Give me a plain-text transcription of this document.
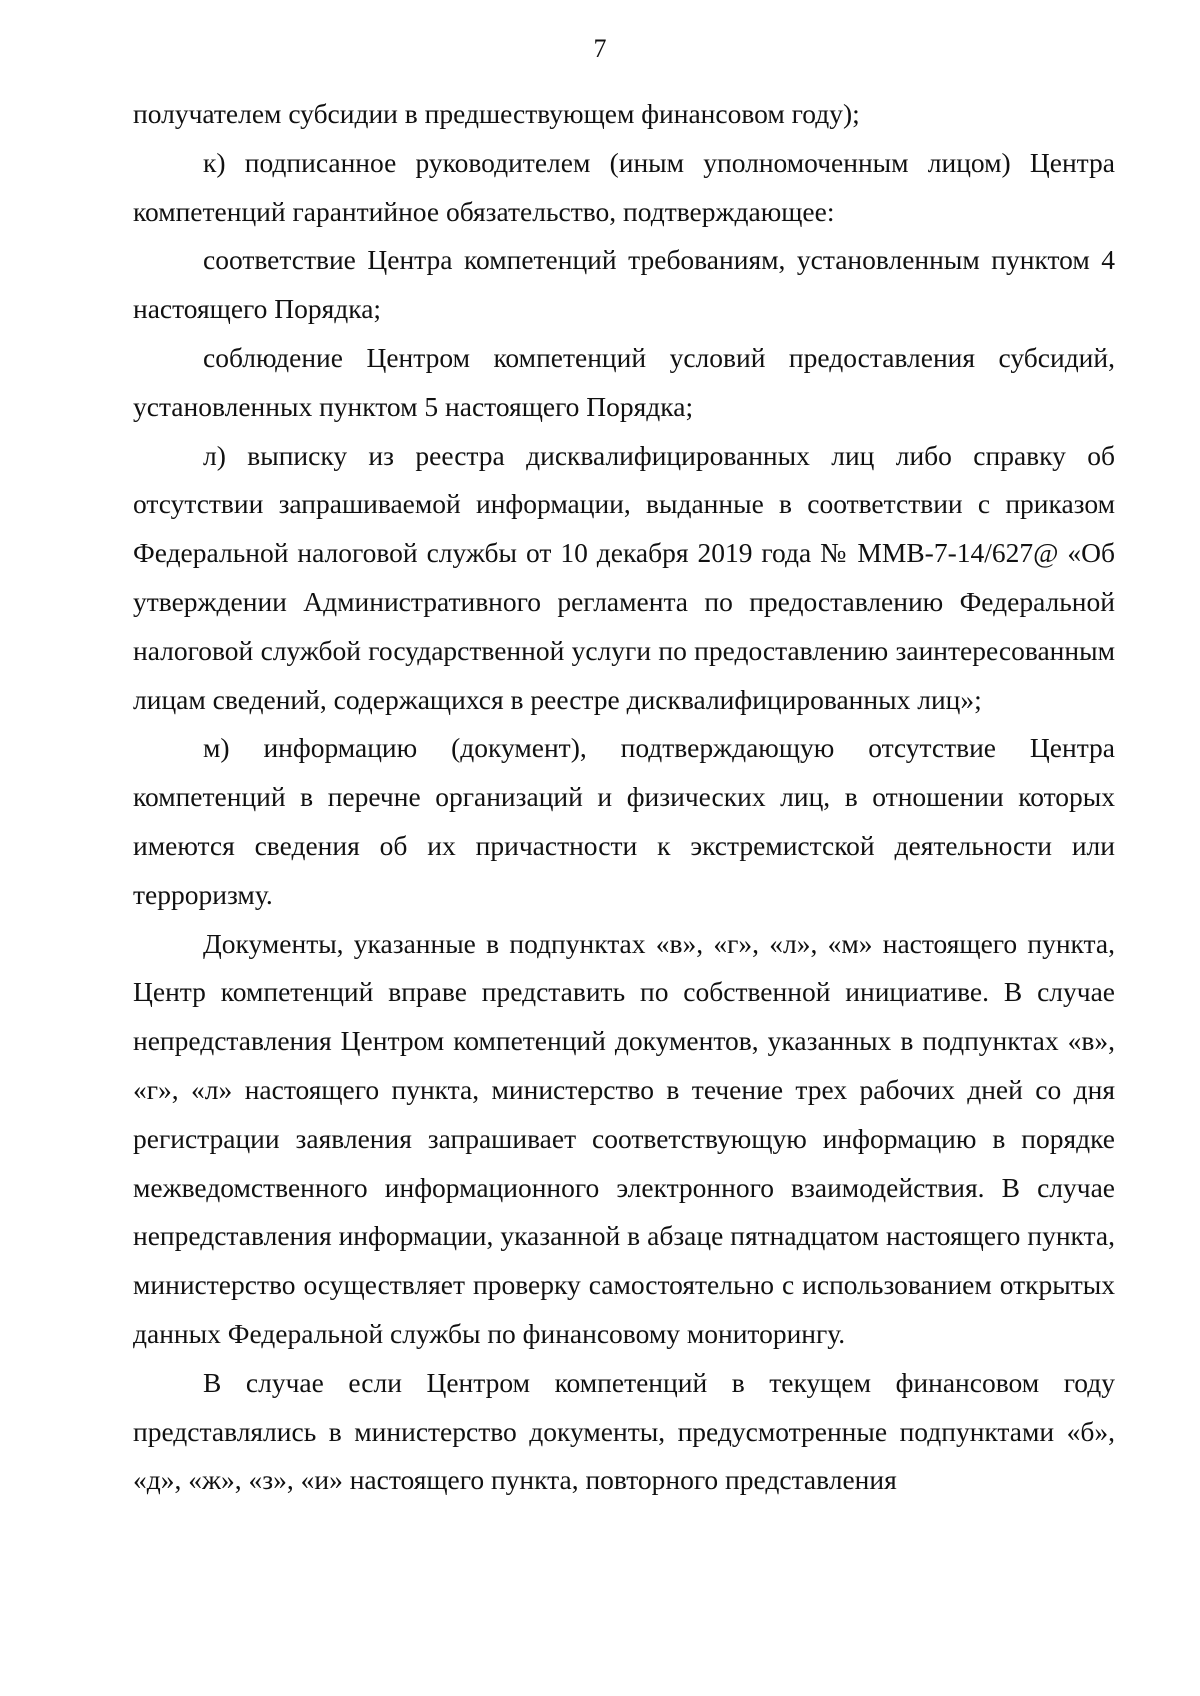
7

получателем субсидии в предшествующем финансовом году);

к) подписанное руководителем (иным уполномоченным лицом) Центра компетенций гарантийное обязательство, подтверждающее:

соответствие Центра компетенций требованиям, установленным пунктом 4 настоящего Порядка;

соблюдение Центром компетенций условий предоставления субсидий, установленных пунктом 5 настоящего Порядка;

л) выписку из реестра дисквалифицированных лиц либо справку об отсутствии запрашиваемой информации, выданные в соответствии с приказом Федеральной налоговой службы от 10 декабря 2019 года № ММВ-7-14/627@ «Об утверждении Административного регламента по предоставлению Федеральной налоговой службой государственной услуги по предоставлению заинтересованным лицам сведений, содержащихся в реестре дисквалифицированных лиц»;

м) информацию (документ), подтверждающую отсутствие Центра компетенций в перечне организаций и физических лиц, в отношении которых имеются сведения об их причастности к экстремистской деятельности или терроризму.

Документы, указанные в подпунктах «в», «г», «л», «м» настоящего пункта, Центр компетенций вправе представить по собственной инициативе. В случае непредставления Центром компетенций документов, указанных в подпунктах «в», «г», «л» настоящего пункта, министерство в течение трех рабочих дней со дня регистрации заявления запрашивает соответствующую информацию в порядке межведомственного информационного электронного взаимодействия. В случае непредставления информации, указанной в абзаце пятнадцатом настоящего пункта, министерство осуществляет проверку самостоятельно с использованием открытых данных Федеральной службы по финансовому мониторингу.

В случае если Центром компетенций в текущем финансовом году представлялись в министерство документы, предусмотренные подпунктами «б», «д», «ж», «з», «и» настоящего пункта, повторного представления
